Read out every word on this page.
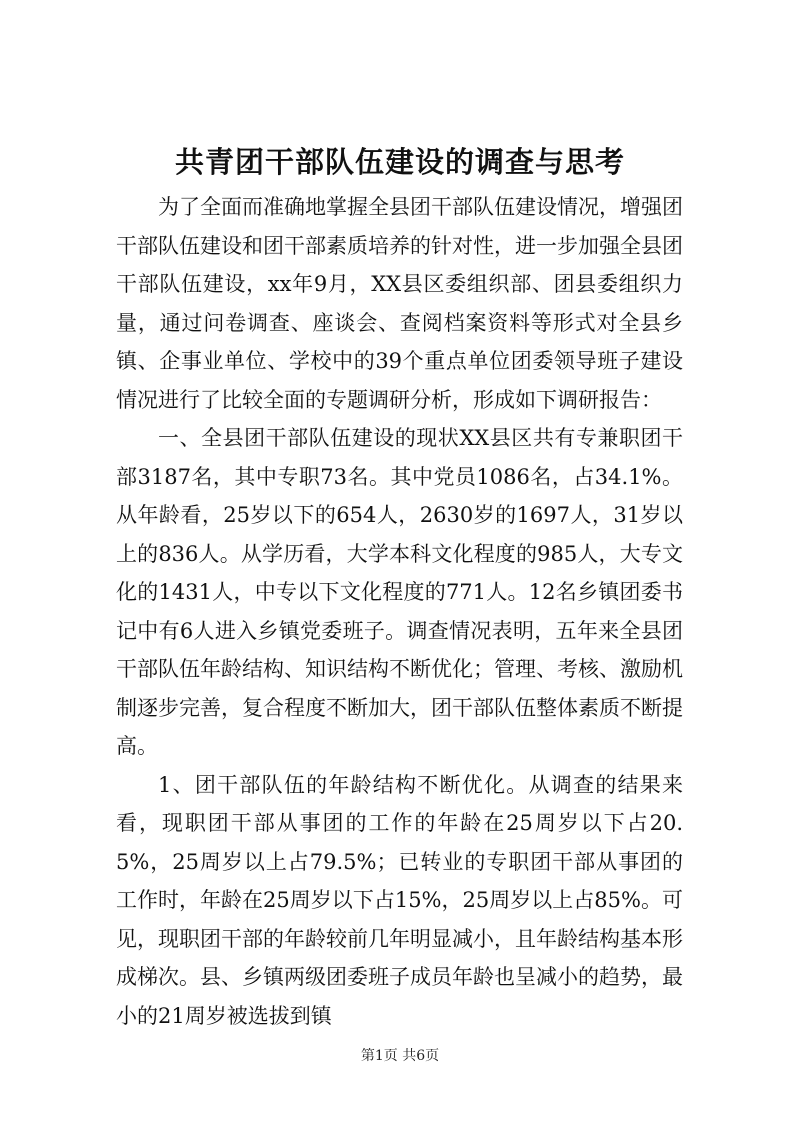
共青团干部队伍建设的调查与思考

为了全面而准确地掌握全县团干部队伍建设情况，增强团干部队伍建设和团干部素质培养的针对性，进一步加强全县团干部队伍建设，xx年9月，XX县区委组织部、团县委组织力量，通过问卷调查、座谈会、查阅档案资料等形式对全县乡镇、企事业单位、学校中的39个重点单位团委领导班子建设情况进行了比较全面的专题调研分析，形成如下调研报告：

一、全县团干部队伍建设的现状XX县区共有专兼职团干部3187名，其中专职73名。其中党员1086名，占34.1%。从年龄看，25岁以下的654人，2630岁的1697人，31岁以上的836人。从学历看，大学本科文化程度的985人，大专文化的1431人，中专以下文化程度的771人。12名乡镇团委书记中有6人进入乡镇党委班子。调查情况表明，五年来全县团干部队伍年龄结构、知识结构不断优化；管理、考核、激励机制逐步完善，复合程度不断加大，团干部队伍整体素质不断提高。

1、团干部队伍的年龄结构不断优化。从调查的结果来看，现职团干部从事团的工作的年龄在25周岁以下占20.5%，25周岁以上占79.5%；已转业的专职团干部从事团的工作时，年龄在25周岁以下占15%，25周岁以上占85%。可见，现职团干部的年龄较前几年明显减小，且年龄结构基本形成梯次。县、乡镇两级团委班子成员年龄也呈减小的趋势，最小的21周岁被选拔到镇

第1页 共6页
